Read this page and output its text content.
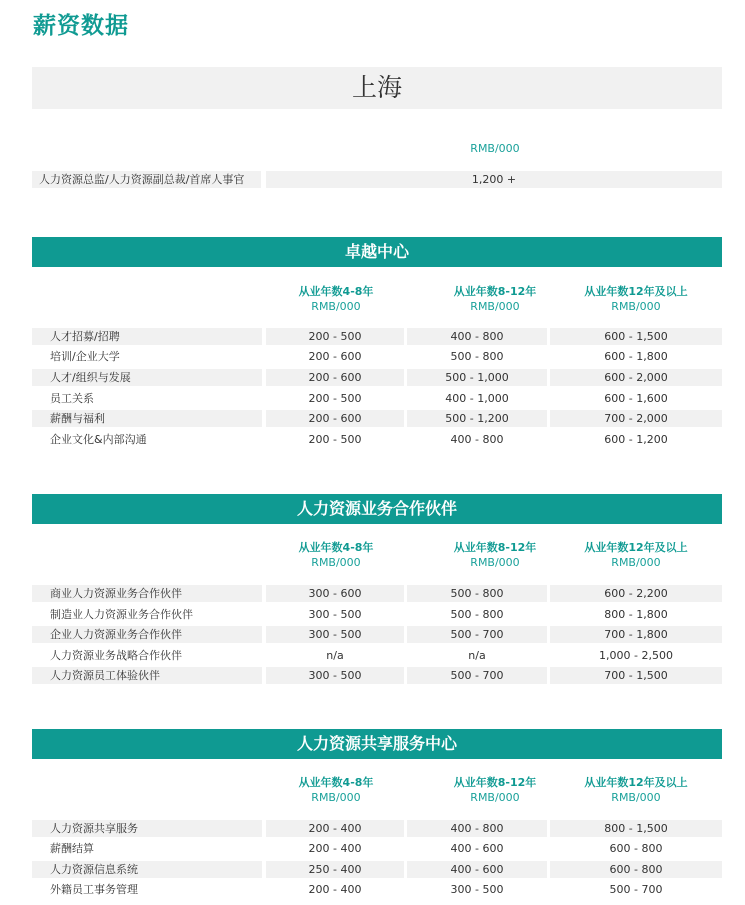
薪资数据
上海
RMB/000
人力资源总监/人力资源副总裁/首席人事官	1,200 +
卓越中心
从业年数4-8年
RMB/000
从业年数8-12年
RMB/000
从业年数12年及以上
RMB/000
人才招募/招聘	200 - 500	400 - 800	600 - 1,500
培训/企业大学	200 - 600	500 - 800	600 - 1,800
人才/组织与发展	200 - 600	500 - 1,000	600 - 2,000
员工关系	200 - 500	400 - 1,000	600 - 1,600
薪酬与福利	200 - 600	500 - 1,200	700 - 2,000
企业文化&内部沟通	200 - 500	400 - 800	600 - 1,200
人力资源业务合作伙伴
从业年数4-8年
RMB/000
从业年数8-12年
RMB/000
从业年数12年及以上
RMB/000
商业人力资源业务合作伙伴	300 - 600	500 - 800	600 - 2,200
制造业人力资源业务合作伙伴	300 - 500	500 - 800	800 - 1,800
企业人力资源业务合作伙伴	300 - 500	500 - 700	700 - 1,800
人力资源业务战略合作伙伴	n/a	n/a	1,000 - 2,500
人力资源员工体验伙伴	300 - 500	500 - 700	700 - 1,500
人力资源共享服务中心
从业年数4-8年
RMB/000
从业年数8-12年
RMB/000
从业年数12年及以上
RMB/000
人力资源共享服务	200 - 400	400 - 800	800 - 1,500
薪酬结算	200 - 400	400 - 600	600 - 800
人力资源信息系统	250 - 400	400 - 600	600 - 800
外籍员工事务管理	200 - 400	300 - 500	500 - 700
